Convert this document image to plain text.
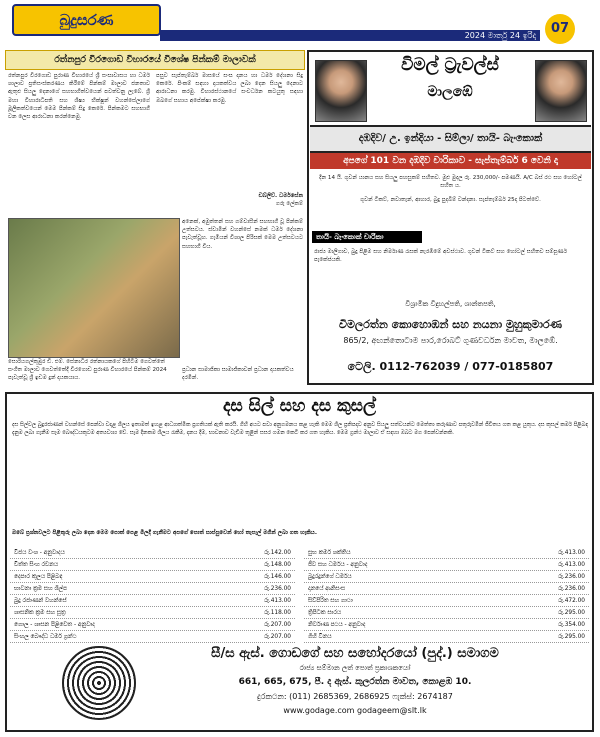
බුදුසරණ
2024 මාර්තු 24 ඉරිදා	07
රත්නපුර වීරගොඩ විහාරයේ විශේෂ පින්කම් මාලාවක්
රත්නපුර වීරගොඩ පුරාණ විහාරයේ ශ්‍රී සංඝාවාසය හා ධර්ම ශාලාව ප්‍රතිසංස්කරණය කිරීමේ පින්කම් මාලාව ජනතාව ඇතුළු සියලු දෙනාගේ සහභාගිත්වයෙන් පවත්වනු ලැබේ. ශ්‍රී මහා විහාරාධිපති සහ ශිෂ්‍ය භික්ෂූන් වහන්සේලාගේ මූලිකත්වයෙන් මෙම පින්කම් සිදු කෙරේ. පින්කමට සහභාගී වන ලෙස ආරාධනා කරන්නෙමු.
පසුව සැප්තැම්බර් මාසයේ සංඝ දානය හා ධර්ම දේශනා සිදු කෙරේ. පිංකම් සඳහා දායකත්වය ලබා දෙන සියලු දෙනාට ආරාධනා කරමු. විහාරස්ථානයේ සංවර්ධන කටයුතු සඳහා ඔබගේ සහාය අපේක්ෂා කරමු.
ඩබ්ලිව්. ධර්මසේන
ගරු ලේකම්
අනෙක්, අමුත්තන් සහ ගම්වාසීන් සහභාගී වූ පින්කම් උත්සවය. ස්වාමීන් වහන්සේ නමක් ධර්ම දේශනා පැවැත්වූහ. ගැමියන් විශාල පිරිසක් මෙම උත්සවයට සහභාගී විය.
සොරියගල්කුඹුර ඩී. එම්. සේනාධීර රත්නායකගේ පිහිටීම ගෙවත්තේ සංගීත මාලාව ගෙවත්තේදී වීරගොඩ පුරාණ විහාරයේ පින්කම් 2024 පැවැත්වූ ශ්‍රී ඉඩම දුන් දායකයාය.
ප්‍රධාන සාමාජිකා සාමාජිකාවන් ප්‍රධාන දායකත්වය දරමින්.
විමල් ට්‍රැවල්ස්
මාලඹේ
දඹදිව/ උ. ඉන්දියා - සිම්ලා/ තායි- බැංකොක්
අපගේ 101 වන දඹදිව චාරිකාව - සැප්තැම්බර් 6 වෙනි දා
දින 14 යි. ගුවන් යානය සහ සියලු පහසුකම් සහිතව. මුළු මුදල රු. 230,000/- පමණයි. A/C බස් රථ සහ හෝටල් සහිත ය.
ගුවන් ටිකට්, නවාතැන්, ආහාර, බුදු පුදබිම් වන්දනා. සැප්තැම්බර් 25දා පිටත්වේ.
තායි- බැංකොක් චාරිකා
රාජ්‍ය මාලිගාව, බුදු පිළිම සහ නිර්මාණ රැසක් නැරඹීමේ අවස්ථාව. ගුවන් ටිකට් සහ හෝටල් සහිතව සම්පූර්ණ පැකේජයකි.
විශ්‍රාමික විදුහල්පති, ශාන්තපති,
විමලරත්න කොහොඹන් සහ නයනා මුහුකුමාරණ
865/2, අඟන්තොටාම පාර,රොබට් ගුණවර්ධන මාවත, මාලඹේ.
ටෙලි. 0112-762039 / 077-0185807
දස සිල් සහ දස කුසල්
දස සිල්වල බුදුරජාණන් වහන්සේ පෙන්වා වදාළ ශීලය ඉතාමත් ඉහළ ආධ්‍යාත්මික ප්‍රගතියක් ඇති කරයි. ගිහි අයට පවා අනුගමනය කළ හැකි මෙම ශීල ප්‍රතිපදාව අනුව සියලු සත්වයන්ට මෙත්තා කරුණාව පතුරුවමින් ජීවිතය ගත කළ යුතුය. දස කුසල් කර්ම පිළිබඳ දැනුම ලබා ගැනීම සෑම බෞද්ධයකුටම අත්‍යවශ්‍ය වේ. සෑම දිනකම ශීලය රැකීම, දානය දීම, භාවනාව වැඩීම තුළින් සසර ගමන කෙටි කර ගත හැකිය. මෙම ග්‍රන්ථ මාලාව ඒ සඳහා ඔබට මග පෙන්වන්නකි.
ඔබේ ප්‍රශ්නවලට පිළිතුරු ලබා දෙන මෙම පොත් පෙළ මිලදී ගැනීමට අපගේ පොත් සාප්පුවෙන් හෝ තැපැල් මගින් ලබා ගත හැකිය.
විජය වංශ - අනුවාදය	රු.142.00
චිත්ත සිංහ රචනය	රු.148.00
දෙපාර කුලය පිළිබඳ	රු.146.00
භාවනා ක්‍රම සහ ශිල්ප	රු.236.00
බුදු රජාණන් වහන්සේ	රු.413.00
ශාසනික ක්‍රම සහ සූත්‍ර	රු.118.00
ගොල - ශාසන පිළිවෙත - අනුවාද	රු.207.00
සිංහල බෞද්ධ ධර්ම ග්‍රන්ථ	රු.207.00
සුභ කර්ම ශක්තිය	රු.413.00
ජීව සහ ධර්මය - අනුවාද	රු.413.00
බුදුරදුන්ගේ ධර්මය	රු.236.00
දානයේ ආනිසංස	රු.236.00
සිව්පිරිත සහ ගාථා	රු.472.00
ත්‍රිපිටක සාරය	රු.295.00
නිර්වාණ පථය - අනුවාද	රු.354.00
ගිහි විනය	රු.295.00
සී/ස ඇස්. ගොඩගේ සහ සහෝදරයෝ (පුද්.) සමාගම
රාජ්‍ය සම්මාන ලත් පොත් ප්‍රකාශකයෝ
661, 665, 675, පී. ද ඇස්. කුලරත්න මාවත, කොළඹ 10.
දුරකථන: (011) 2685369, 2686925 ෆැක්ස්: 2674187
www.godage.com godageem@slt.lk
